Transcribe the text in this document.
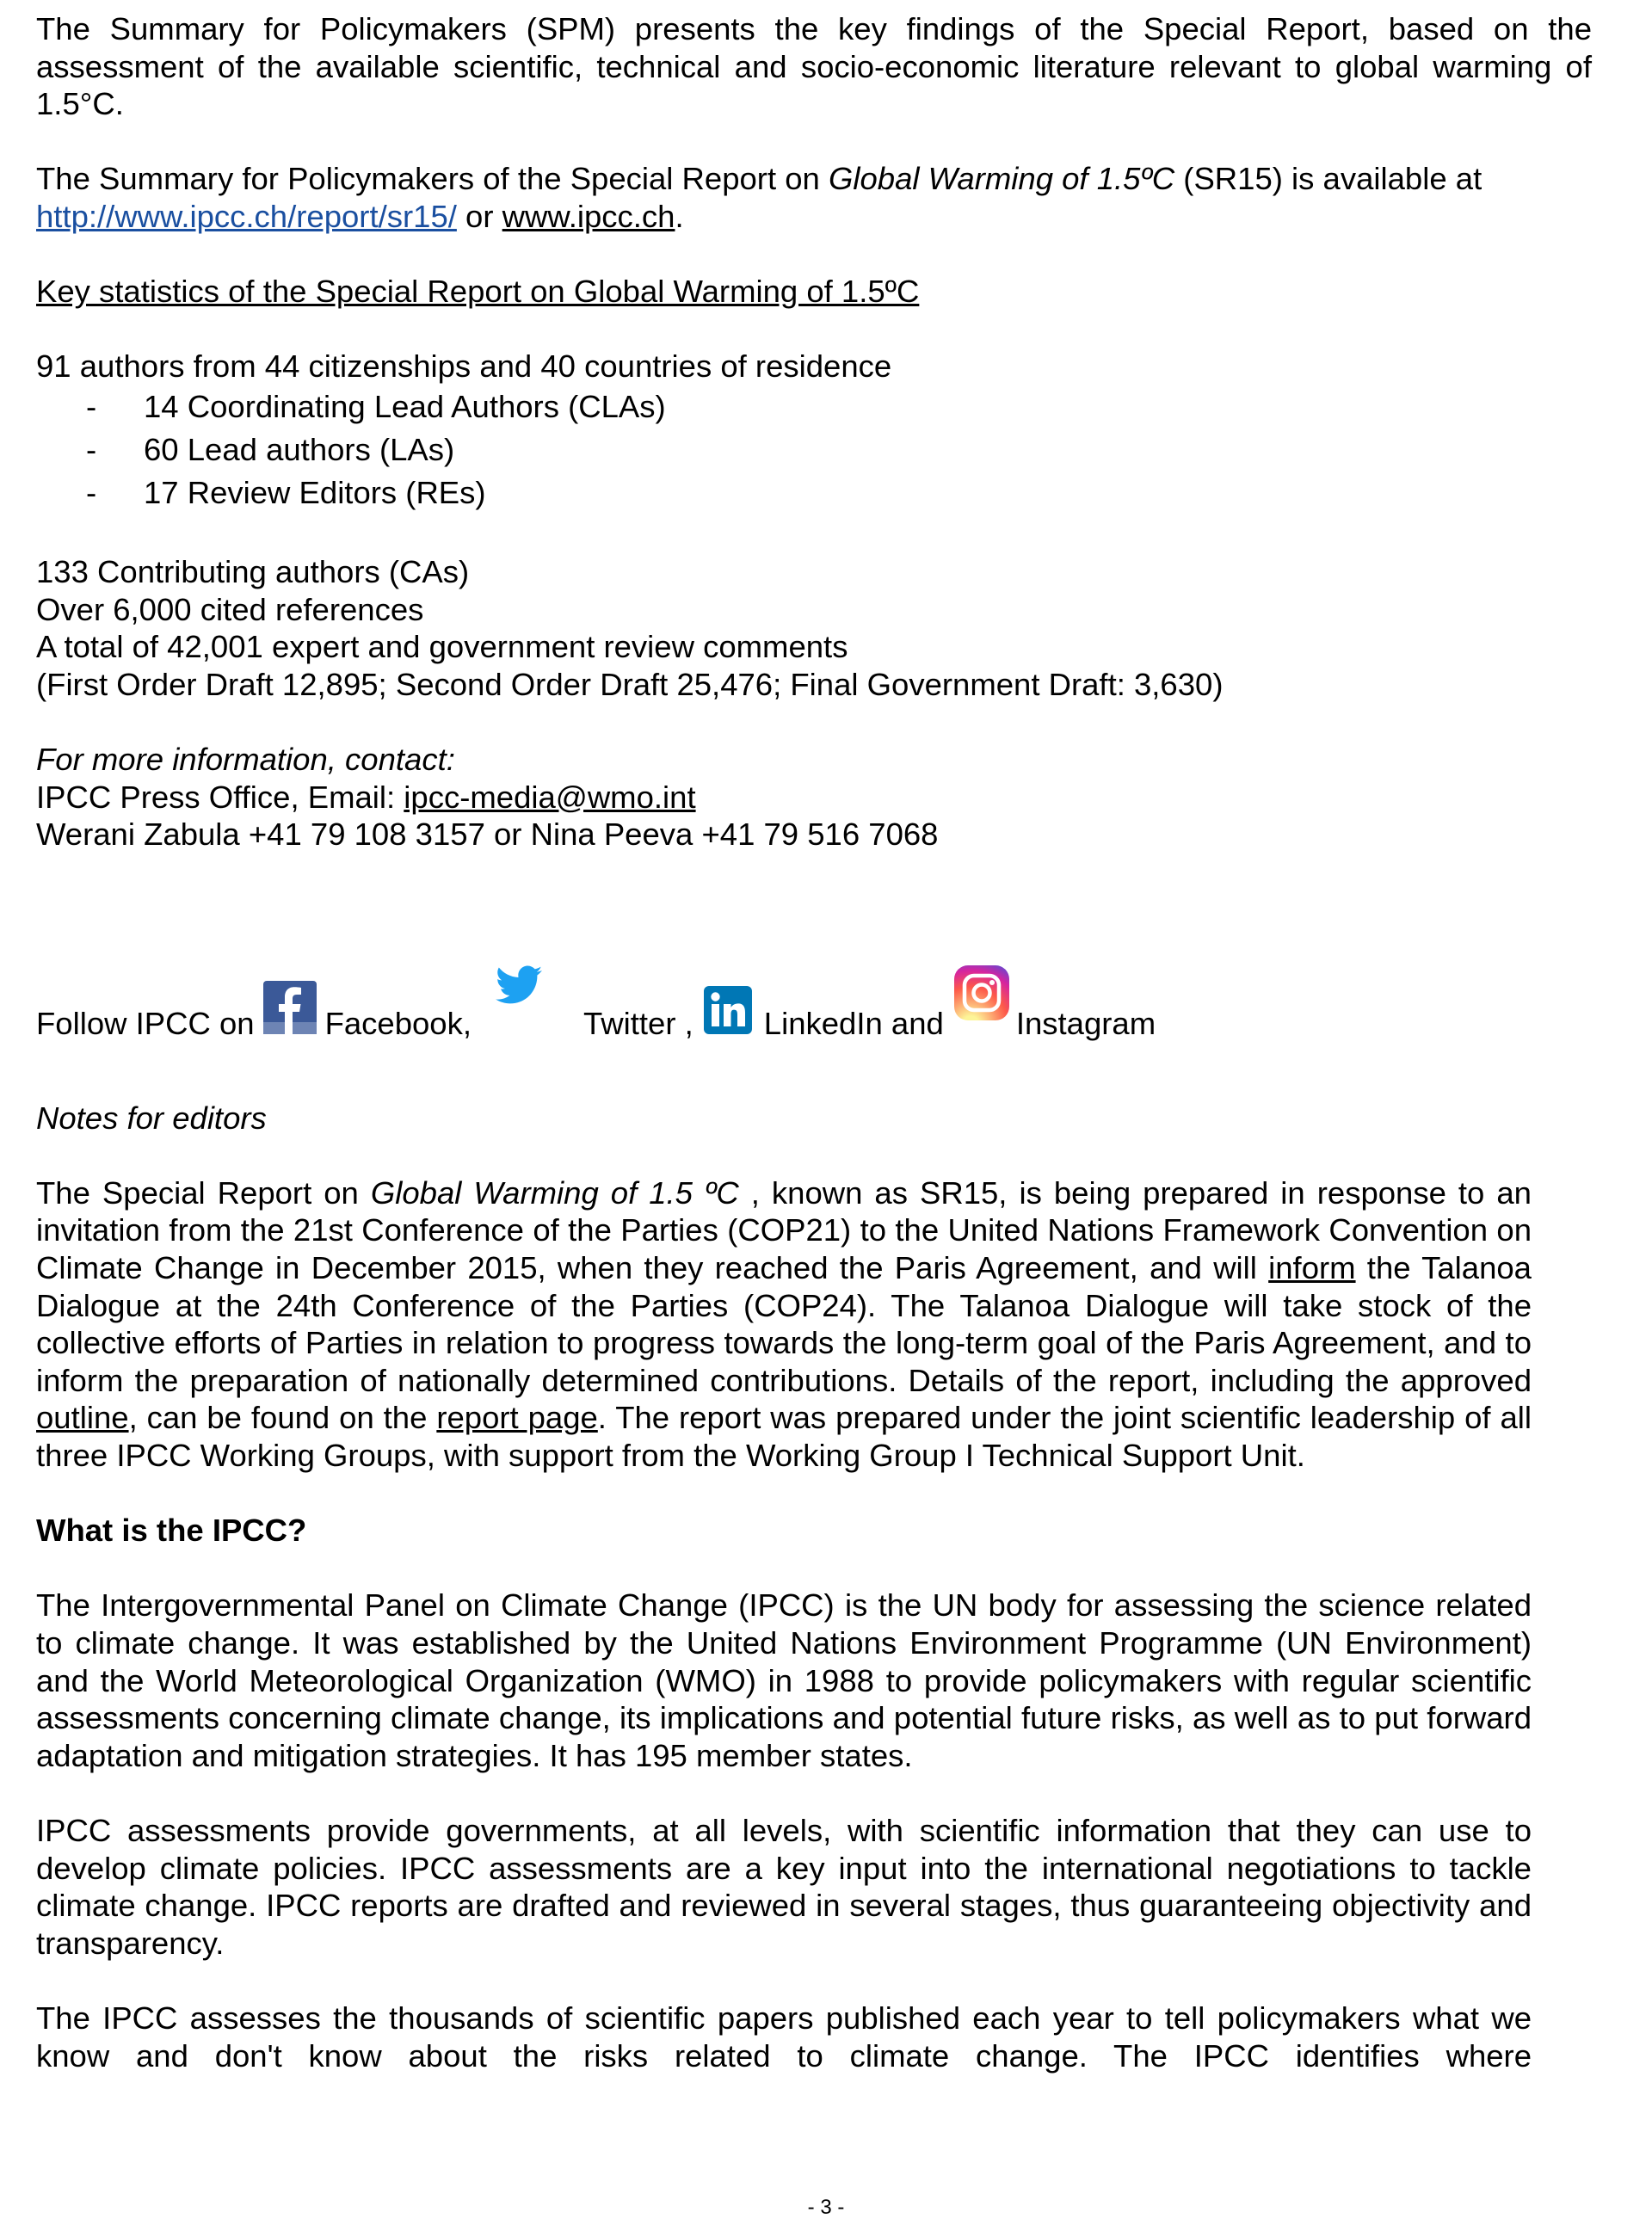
The Summary for Policymakers (SPM) presents the key findings of the Special Report, based on the assessment of the available scientific, technical and socio-economic literature relevant to global warming of 1.5°C.

The Summary for Policymakers of the Special Report on Global Warming of 1.5ºC (SR15) is available at http://www.ipcc.ch/report/sr15/ or www.ipcc.ch.

Key statistics of the Special Report on Global Warming of 1.5ºC

91 authors from 44 citizenships and 40 countries of residence

- 14 Coordinating Lead Authors (CLAs)
- 60 Lead authors (LAs)
- 17 Review Editors (REs)

133 Contributing authors (CAs)

Over 6,000 cited references

A total of 42,001 expert and government review comments

(First Order Draft 12,895; Second Order Draft 25,476; Final Government Draft: 3,630)

For more information, contact:

IPCC Press Office, Email: ipcc-media@wmo.int

Werani Zabula +41 79 108 3157 or Nina Peeva +41 79 516 7068

Follow IPCC on Facebook,	Twitter , LinkedIn and Instagram

Notes for editors

The Special Report on Global Warming of 1.5 ºC , known as SR15, is being prepared in response to an invitation from the 21st Conference of the Parties (COP21) to the United Nations Framework Convention on Climate Change in December 2015, when they reached the Paris Agreement, and will inform the Talanoa Dialogue at the 24th Conference of the Parties (COP24). The Talanoa Dialogue will take stock of the collective efforts of Parties in relation to progress towards the long-term goal of the Paris Agreement, and to inform the preparation of nationally determined contributions. Details of the report, including the approved outline, can be found on the report page. The report was prepared under the joint scientific leadership of all three IPCC Working Groups, with support from the Working Group I Technical Support Unit.

What is the IPCC?

The Intergovernmental Panel on Climate Change (IPCC) is the UN body for assessing the science related to climate change. It was established by the United Nations Environment Programme (UN Environment) and the World Meteorological Organization (WMO) in 1988 to provide policymakers with regular scientific assessments concerning climate change, its implications and potential future risks, as well as to put forward adaptation and mitigation strategies. It has 195 member states.

IPCC assessments provide governments, at all levels, with scientific information that they can use to develop climate policies. IPCC assessments are a key input into the international negotiations to tackle climate change. IPCC reports are drafted and reviewed in several stages, thus guaranteeing objectivity and transparency.

The IPCC assesses the thousands of scientific papers published each year to tell policymakers what we know and don't know about the risks related to climate change. The IPCC identifies where

- 3 -
